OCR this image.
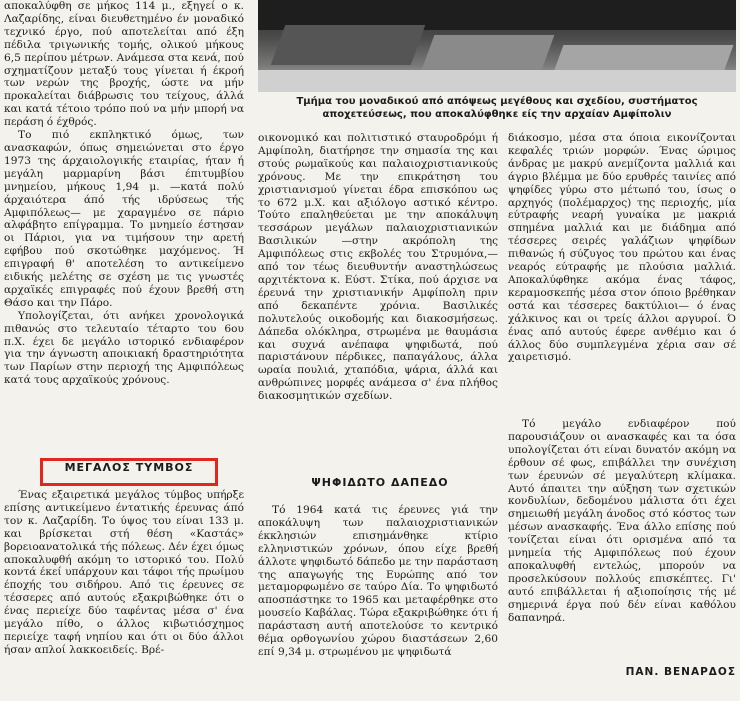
αποκαλύφθη σε μήκος 114 μ., εξηγεί ο κ. Λαζαρίδης, είναι διευθετημένο έν μοναδικό τεχνικό έργο, πού αποτελείται από έξη πέδιλα τριγωνικής τομής, ολικού μήκους 6,5 περίπου μέτρων. Ανάμεσα στα κενά, πού σχηματίζουν μεταξύ τους γίνεται ή έκροή των νερών της βροχής, ώστε να μήν προκαλείται διάβρωσις του τείχους, άλλά και κατά τέτοιο τρόπο πού να μήν μπορή να περάση ό έχθρός.

Το πιό εκπληκτικό όμως, των ανασκαφών, όπως σημειώνεται στο έργο 1973 της άρχαιολογικής εταιρίας, ήταν ή μεγάλη μαρμαρίνη βάσι έπιτυμβίου μνημείου, μήκους 1,94 μ. —κατά πολύ άρχαιότερα άπό τής ιδρύσεως τής Αμφιπόλεως— με χαραγμένο σε πάριο αλφάβητο επίγραμμα. Το μνημείο έστησαν οι Πάριοι, για να τιμήσουν την αρετή εφήβου πού σκοτώθηκε μαχόμενος. Ή επιγραφή θ' αποτελέση το αντικείμενο ειδικής μελέτης σε σχέση με τις γνωστές αρχαϊκές επιγραφές πού έχουν βρεθή στη Θάσο και την Πάρο.

Υπολογίζεται, ότι ανήκει χρονολογικά πιθανώς στο τελευταίο τέταρτο του 6ου π.Χ. έχει δε μεγάλο ιστορικό ενδιαφέρον για την άγνωστη αποικιακή δραστηριότητα των Παρίων στην περιοχή της Αμφιπόλεως κατά τους αρχαϊκούς χρόνους.

ΜΕΓΑΛΟΣ ΤΥΜΒΟΣ

Ένας εξαιρετικά μεγάλος τύμβος υπήρξε επίσης αντικείμενο έντατικής έρευνας άπό τον κ. Λαζαρίδη. Το ύψος του είναι 133 μ. και βρίσκεται στή θέση «Καστάς» βορειοανατολικά τής πόλεως. Δέν έχει όμως αποκαλυφθή ακόμη το ιστορικό του. Πολύ κοντά έκεί υπάρχουν και τάφοι τής πρωίμου έποχής του σιδήρου. Από τις έρευνες σε τέσσερες από αυτούς εξακριβώθηκε ότι ο ένας περιείχε δύο ταφέντας μέσα σ' ένα μεγάλο πίθο, ο άλλος κιβωτιόσχημος περιείχε ταφή νηπίου και ότι οι δύο άλλοι ήσαν απλοί λακκοειδείς. Βρέ-

Τμήμα του μοναδικού από απόψεως μεγέθους και σχεδίου, συστήματος αποχετεύσεως, που αποκαλύφθηκε είς την αρχαίαν Αμφίπολιν

οικονομικό και πολιτιστικό σταυροδρόμι ή Αμφίπολη, διατήρησε την σημασία της και στούς ρωμαϊκούς και παλαιοχριστιανικούς χρόνους. Με την επικράτηση του χριστιανισμού γίνεται έδρα επισκόπου ως το 672 μ.Χ. και αξιόλογο αστικό κέντρο. Τούτο επαληθεύεται με την αποκάλυψη τεσσάρων μεγάλων παλαιοχριστιανικών Βασιλικών —στην ακρόπολη της Αμφιπόλεως στις εκβολές του Στρυμόνα,— από τον τέως διευθυντήν αναστηλώσεως αρχιτέκτονα κ. Εύστ. Στίκα, πού άρχισε να έρευνά την χριστιανικήν Αμφίπολη πριν από δεκαπέντε χρόνια. Βασιλικές πολυτελούς οικοδομής και διακοσμήσεως. Δάπεδα ολόκληρα, στρωμένα με θαυμάσια και συχνά ανέπαφα ψηφιδωτά, πού παριστάνουν πέρδικες, παπαγάλους, άλλα ωραία πουλιά, χταπόδια, ψάρια, άλλά και ανθρώπινες μορφές ανάμεσα σ' ένα πλήθος διακοσμητικών σχεδίων.

ΨΗΦΙΔΩΤΟ ΔΑΠΕΔΟ

Τό 1964 κατά τις έρευνες γιά την αποκάλυψη των παλαιοχριστιανικών έκκλησιών επισημάνθηκε κτίριο ελληνιστικών χρόνων, όπου είχε βρεθή άλλοτε ψηφιδωτό δάπεδο με την παράσταση της απαγωγής της Ευρώπης από τον μεταμορφωμένο σε ταύρο Δία. Το ψηφιδωτό αποσπάστηκε το 1965 και μεταφέρθηκε στο μουσείο Καβάλας. Τώρα εξακριβώθηκε ότι ή παράσταση αυτή αποτελούσε το κεντρικό θέμα ορθογωνίου χώρου διαστάσεων 2,60 επί 9,34 μ. στρωμένου με ψηφιδωτά

διάκοσμο, μέσα στα όποια εικονίζονται κεφαλές τριών μορφών. Ένας ώριμος άνδρας με μακρύ ανεμίζοντα μαλλιά και άγριο βλέμμα με δύο ερυθρές ταινίες από ψηφίδες γύρω στο μέτωπό του, ίσως ο αρχηγός (πολέμαρχος) της περιοχής, μία εύτραφής νεαρή γυναίκα με μακριά σπημένα μαλλιά και με διάδημα από τέσσερες σειρές γαλάζιων ψηφίδων πιθανώς ή σύζυγος του πρώτου και ένας νεαρός εύτραφής με πλούσια μαλλιά. Αποκαλύφθηκε ακόμα ένας τάφος, κεραμοσκεπής μέσα στον όποιο βρέθηκαν οστά και τέσσερες δακτύλιοι— ό ένας χάλκινος και οι τρείς άλλοι αργυροί. Ό ένας από αυτούς έφερε ανθέμιο και ό άλλος δύο συμπλεγμένα χέρια σαν σέ χαιρετισμό.

Τό μεγάλο ενδιαφέρον πού παρουσιάζουν οι ανασκαφές και τα όσα υπολογίζεται ότι είναι δυνατόν ακόμη να έρθουν σέ φως, επιβάλλει την συνέχιση των έρευνών σέ μεγαλύτερη κλίμακα. Αυτό άπαιτει την αύξηση των σχετικών κονδυλίων, δεδομένου μάλιστα ότι έχει σημειωθή μεγάλη άνοδος στό κόστος των μέσων ανασκαφής. Ένα άλλο επίσης πού τονίζεται είναι ότι ορισμένα από τα μνημεία τής Αμφιπόλεως πού έχουν αποκαλυφθή εντελώς, μπορούν να προσελκύσουν πολλούς επισκέπτες. Γι' αυτό επιβάλλεται ή αξιοποίησις τής μέ σημερινά έργα πού δέν είναι καθόλου δαπανηρά.

ΠΑΝ. ΒΕΝΑΡΔΟΣ
